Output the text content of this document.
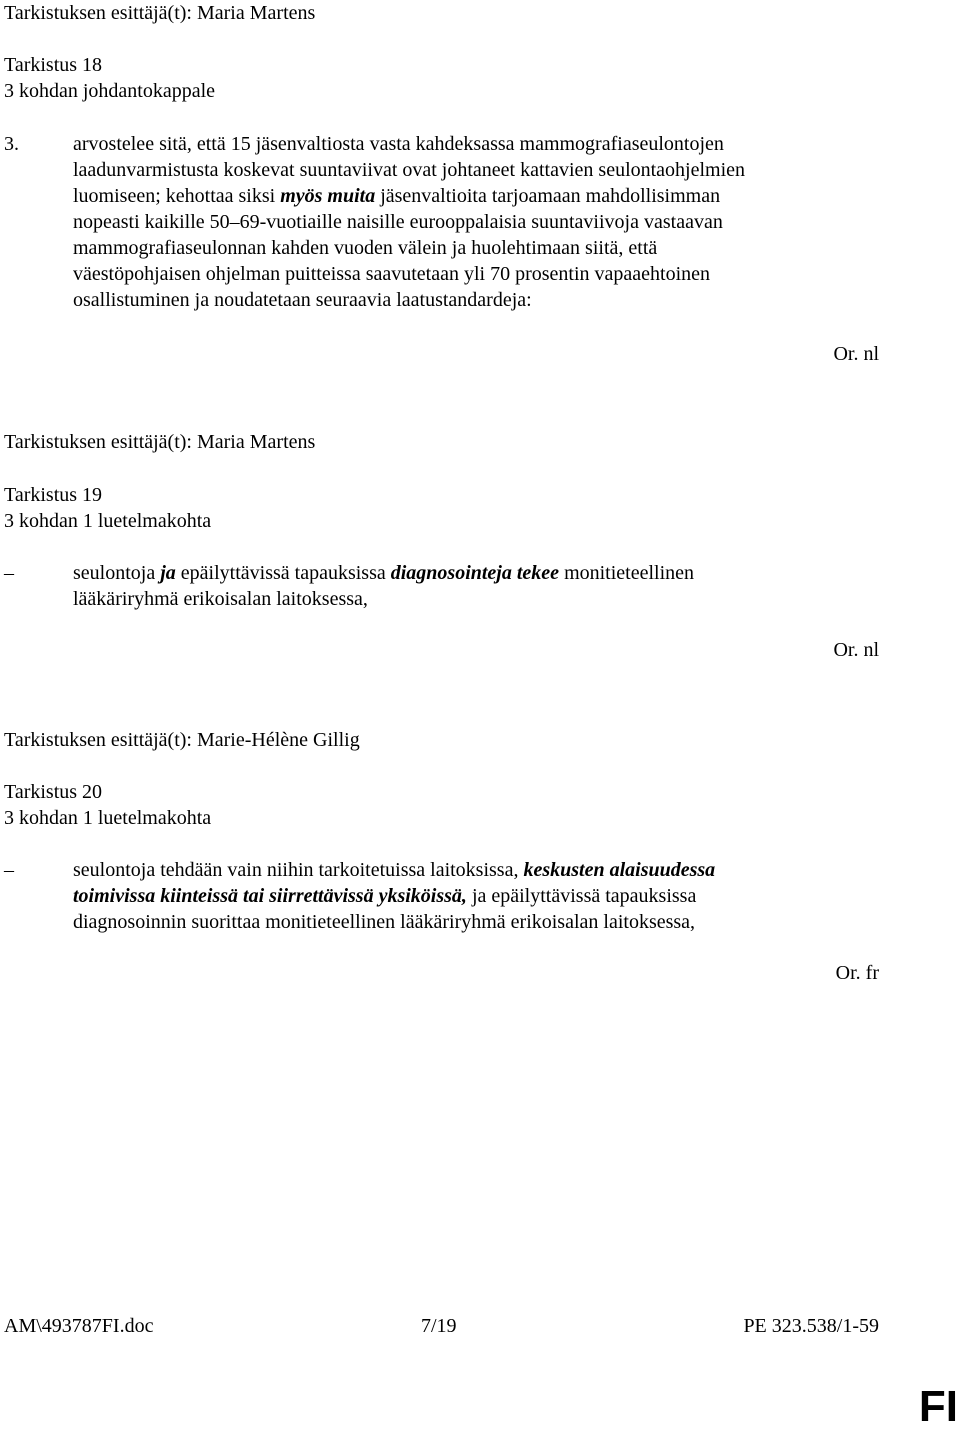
Tarkistuksen esittäjä(t): Maria Martens
Tarkistus 18
3 kohdan johdantokappale
3.	arvostelee sitä, että 15 jäsenvaltiosta vasta kahdeksassa mammografiaseulontojen
laadunvarmistusta koskevat suuntaviivat ovat johtaneet kattavien seulontaohjelmien
luomiseen; kehottaa siksi myös muita jäsenvaltioita tarjoamaan mahdollisimman
nopeasti kaikille 50–69-vuotiaille naisille eurooppalaisia suuntaviivoja vastaavan
mammografiaseulonnan kahden vuoden välein ja huolehtimaan siitä, että
väestöpohjaisen ohjelman puitteissa saavutetaan yli 70 prosentin vapaaehtoinen
osallistuminen ja noudatetaan seuraavia laatustandardeja:
Or. nl
Tarkistuksen esittäjä(t): Maria Martens
Tarkistus 19
3 kohdan 1 luetelmakohta
–	seulontoja ja epäilyttävissä tapauksissa diagnosointeja tekee monitieteellinen
lääkäriryhmä erikoisalan laitoksessa,
Or. nl
Tarkistuksen esittäjä(t): Marie-Hélène Gillig
Tarkistus 20
3 kohdan 1 luetelmakohta
–	seulontoja tehdään vain niihin tarkoitetuissa laitoksissa, keskusten alaisuudessa
toimivissa kiinteissä tai siirrettävissä yksiköissä, ja epäilyttävissä tapauksissa
diagnosoinnin suorittaa monitieteellinen lääkäriryhmä erikoisalan laitoksessa,
Or. fr
AM\493787FI.doc	7/19	PE 323.538/1-59
FI
